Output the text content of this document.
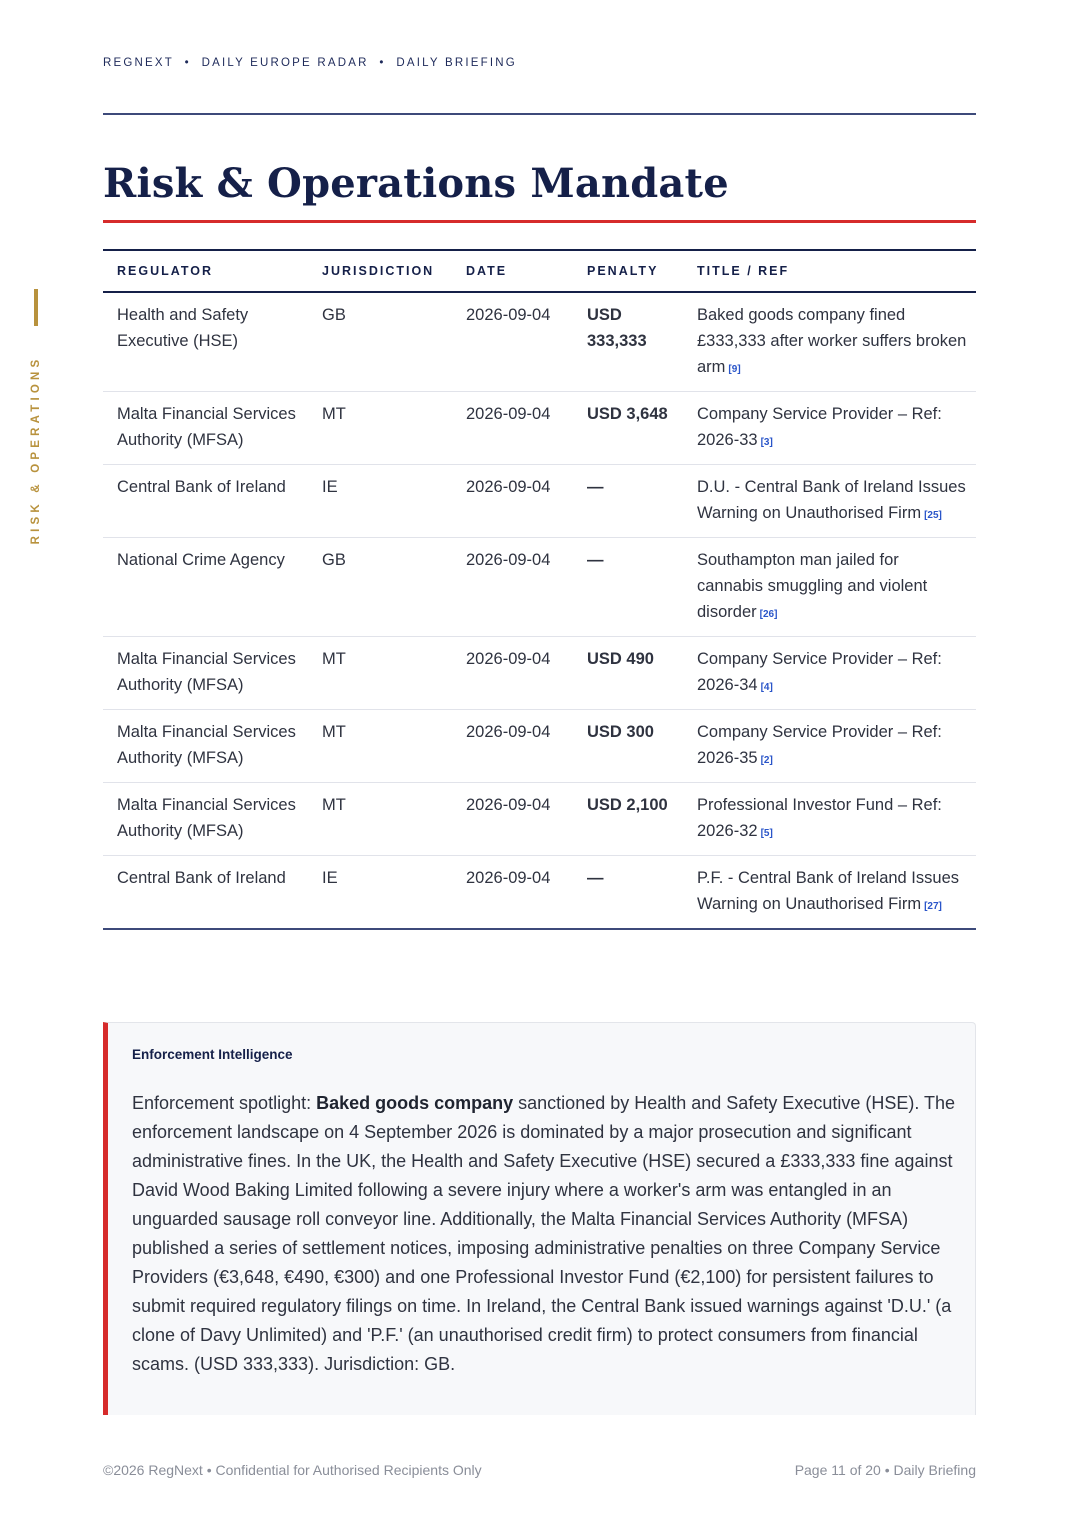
REGNEXT  •  DAILY EUROPE RADAR  •  DAILY BRIEFING
RISK & OPERATIONS
Risk & Operations Mandate
REGULATOR	JURISDICTION	DATE	PENALTY	TITLE / REF
Health and Safety Executive (HSE)	GB	2026-09-04	USD 333,333	Baked goods company fined £333,333 after worker suffers broken arm [9]
Malta Financial Services Authority (MFSA)	MT	2026-09-04	USD 3,648	Company Service Provider – Ref: 2026-33 [3]
Central Bank of Ireland	IE	2026-09-04	—	D.U. - Central Bank of Ireland Issues Warning on Unauthorised Firm [25]
National Crime Agency	GB	2026-09-04	—	Southampton man jailed for cannabis smuggling and violent disorder [26]
Malta Financial Services Authority (MFSA)	MT	2026-09-04	USD 490	Company Service Provider – Ref: 2026-34 [4]
Malta Financial Services Authority (MFSA)	MT	2026-09-04	USD 300	Company Service Provider – Ref: 2026-35 [2]
Malta Financial Services Authority (MFSA)	MT	2026-09-04	USD 2,100	Professional Investor Fund – Ref: 2026-32 [5]
Central Bank of Ireland	IE	2026-09-04	—	P.F. - Central Bank of Ireland Issues Warning on Unauthorised Firm [27]
Enforcement Intelligence

Enforcement spotlight: Baked goods company sanctioned by Health and Safety Executive (HSE). The enforcement landscape on 4 September 2026 is dominated by a major prosecution and significant administrative fines. In the UK, the Health and Safety Executive (HSE) secured a £333,333 fine against David Wood Baking Limited following a severe injury where a worker's arm was entangled in an unguarded sausage roll conveyor line. Additionally, the Malta Financial Services Authority (MFSA) published a series of settlement notices, imposing administrative penalties on three Company Service Providers (€3,648, €490, €300) and one Professional Investor Fund (€2,100) for persistent failures to submit required regulatory filings on time. In Ireland, the Central Bank issued warnings against 'D.U.' (a clone of Davy Unlimited) and 'P.F.' (an unauthorised credit firm) to protect consumers from financial scams. (USD 333,333). Jurisdiction: GB.

©2026 RegNext • Confidential for Authorised Recipients Only	Page 11 of 20 • Daily Briefing
